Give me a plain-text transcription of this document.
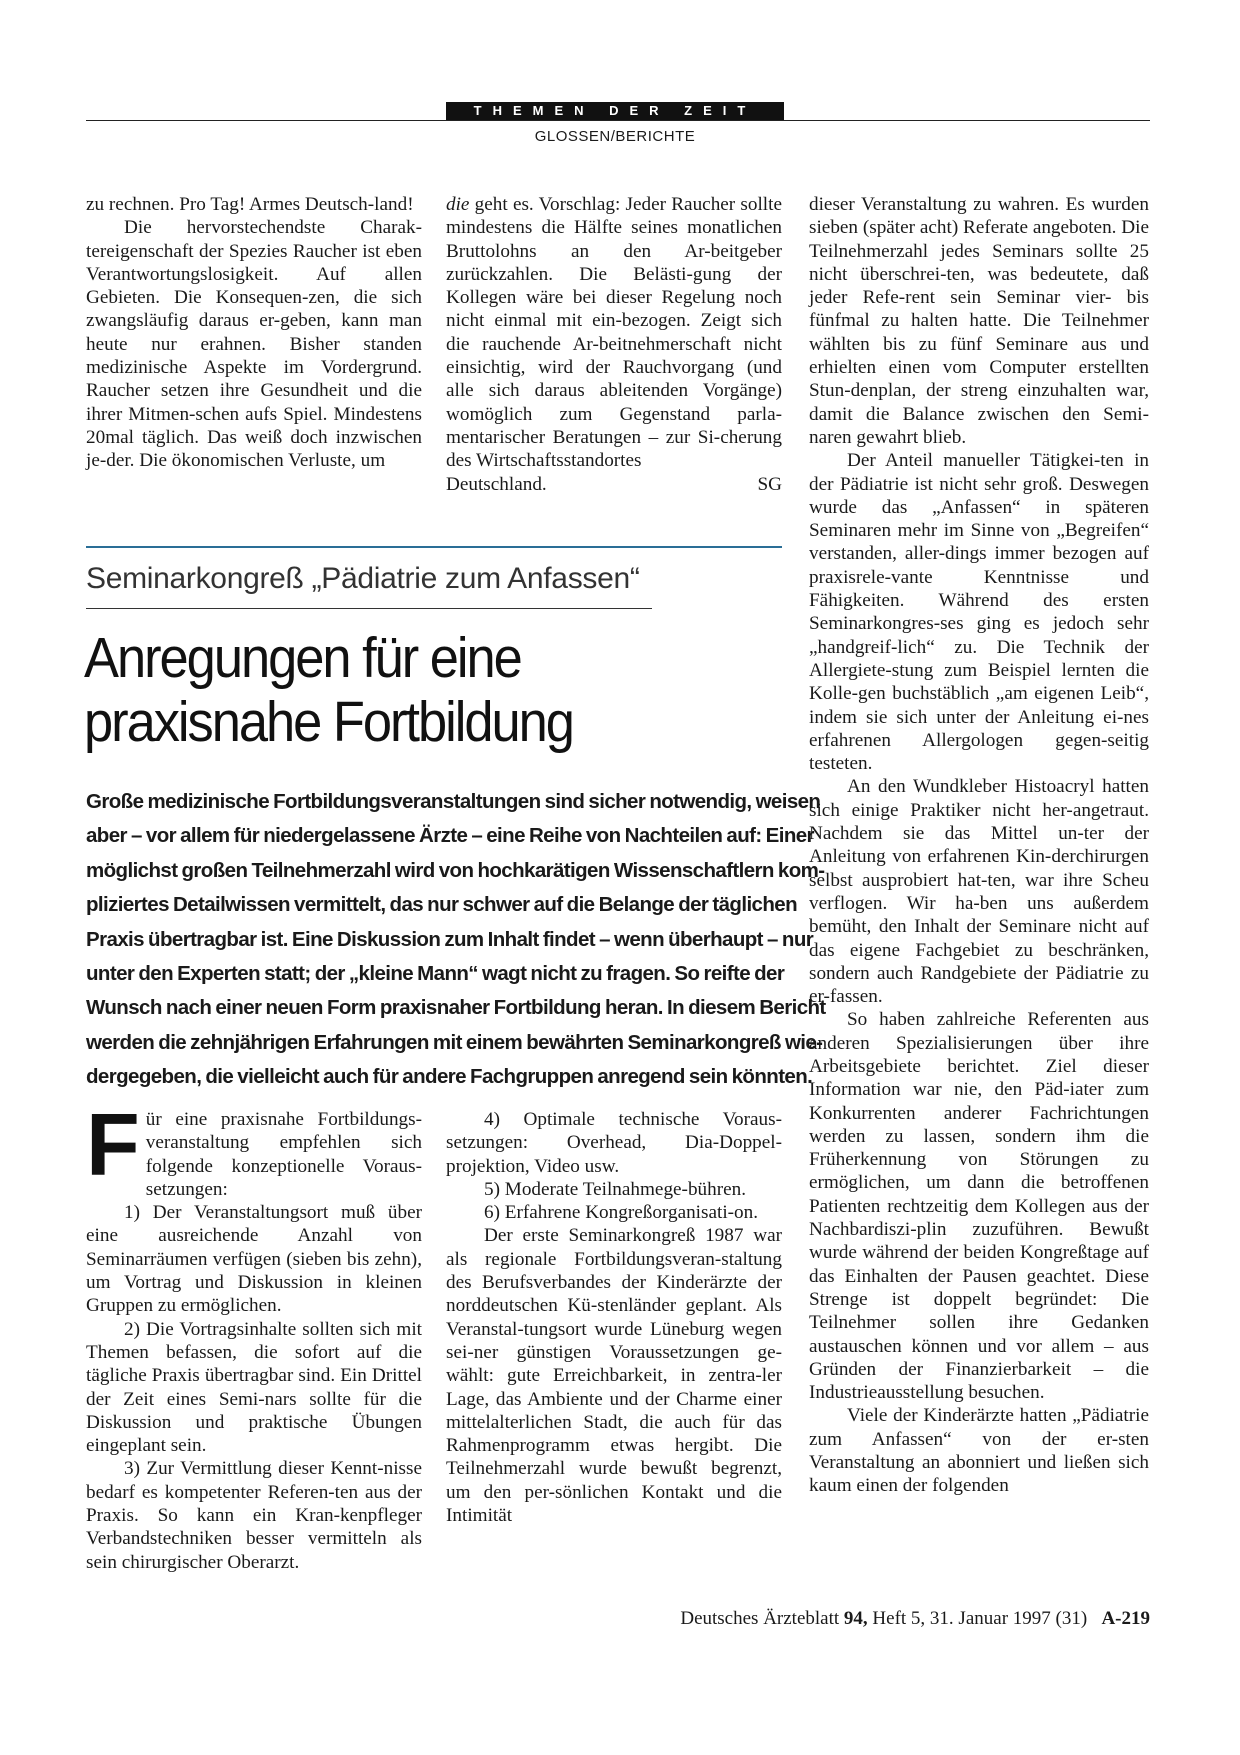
THEMEN DER ZEIT
GLOSSEN/BERICHTE

zu rechnen. Pro Tag! Armes Deutsch-land!

Die hervorstechendste Charak-tereigenschaft der Spezies Raucher ist eben Verantwortungslosigkeit. Auf allen Gebieten. Die Konsequen-zen, die sich zwangsläufig daraus er-geben, kann man heute nur erahnen. Bisher standen medizinische Aspekte im Vordergrund. Raucher setzen ihre Gesundheit und die ihrer Mitmen-schen aufs Spiel. Mindestens 20mal täglich. Das weiß doch inzwischen je-der. Die ökonomischen Verluste, um

die geht es. Vorschlag: Jeder Raucher sollte mindestens die Hälfte seines monatlichen Bruttolohns an den Ar-beitgeber zurückzahlen. Die Belästi-gung der Kollegen wäre bei dieser Regelung noch nicht einmal mit ein-bezogen. Zeigt sich die rauchende Ar-beitnehmerschaft nicht einsichtig, wird der Rauchvorgang (und alle sich daraus ableitenden Vorgänge) womöglich zum Gegenstand parla-mentarischer Beratungen – zur Si-cherung des Wirtschaftsstandortes

Deutschland.	SG
Seminarkongreß „Pädiatrie zum Anfassen“
Anregungen für eine
praxisnahe Fortbildung
Große medizinische Fortbildungsveranstaltungen sind sicher notwendig, weisen
aber – vor allem für niedergelassene Ärzte – eine Reihe von Nachteilen auf: Einer
möglichst großen Teilnehmerzahl wird von hochkarätigen Wissenschaftlern kom-
pliziertes Detailwissen vermittelt, das nur schwer auf die Belange der täglichen
Praxis übertragbar ist. Eine Diskussion zum Inhalt findet – wenn überhaupt – nur
unter den Experten statt; der „kleine Mann“ wagt nicht zu fragen. So reifte der
Wunsch nach einer neuen Form praxisnaher Fortbildung heran. In diesem Bericht
werden die zehnjährigen Erfahrungen mit einem bewährten Seminarkongreß wie-
dergegeben, die vielleicht auch für andere Fachgruppen anregend sein könnten.

Für eine praxisnahe Fortbildungs-veranstaltung empfehlen sich folgende konzeptionelle Voraus-setzungen:

1) Der Veranstaltungsort muß über eine ausreichende Anzahl von Seminarräumen verfügen (sieben bis zehn), um Vortrag und Diskussion in kleinen Gruppen zu ermöglichen.

2) Die Vortragsinhalte sollten sich mit Themen befassen, die sofort auf die tägliche Praxis übertragbar sind. Ein Drittel der Zeit eines Semi-nars sollte für die Diskussion und praktische Übungen eingeplant sein.

3) Zur Vermittlung dieser Kennt-nisse bedarf es kompetenter Referen-ten aus der Praxis. So kann ein Kran-kenpfleger Verbandstechniken besser vermitteln als sein chirurgischer Oberarzt.

4) Optimale technische Voraus-setzungen: Overhead, Dia-Doppel-projektion, Video usw.

5) Moderate Teilnahmege-bühren.

6) Erfahrene Kongreßorganisati-on.

Der erste Seminarkongreß 1987 war als regionale Fortbildungsveran-staltung des Berufsverbandes der Kinderärzte der norddeutschen Kü-stenländer geplant. Als Veranstal-tungsort wurde Lüneburg wegen sei-ner günstigen Voraussetzungen ge-wählt: gute Erreichbarkeit, in zentra-ler Lage, das Ambiente und der Charme einer mittelalterlichen Stadt, die auch für das Rahmenprogramm etwas hergibt. Die Teilnehmerzahl wurde bewußt begrenzt, um den per-sönlichen Kontakt und die Intimität

dieser Veranstaltung zu wahren. Es wurden sieben (später acht) Referate angeboten. Die Teilnehmerzahl jedes Seminars sollte 25 nicht überschrei-ten, was bedeutete, daß jeder Refe-rent sein Seminar vier- bis fünfmal zu halten hatte. Die Teilnehmer wählten bis zu fünf Seminare aus und erhielten einen vom Computer erstellten Stun-denplan, der streng einzuhalten war, damit die Balance zwischen den Semi-naren gewahrt blieb.

Der Anteil manueller Tätigkei-ten in der Pädiatrie ist nicht sehr groß. Deswegen wurde das „Anfassen“ in späteren Seminaren mehr im Sinne von „Begreifen“ verstanden, aller-dings immer bezogen auf praxisrele-vante Kenntnisse und Fähigkeiten. Während des ersten Seminarkongres-ses ging es jedoch sehr „handgreif-lich“ zu. Die Technik der Allergiete-stung zum Beispiel lernten die Kolle-gen buchstäblich „am eigenen Leib“, indem sie sich unter der Anleitung ei-nes erfahrenen Allergologen gegen-seitig testeten.

An den Wundkleber Histoacryl hatten sich einige Praktiker nicht her-angetraut. Nachdem sie das Mittel un-ter der Anleitung von erfahrenen Kin-derchirurgen selbst ausprobiert hat-ten, war ihre Scheu verflogen. Wir ha-ben uns außerdem bemüht, den Inhalt der Seminare nicht auf das eigene Fachgebiet zu beschränken, sondern auch Randgebiete der Pädiatrie zu er-fassen.

So haben zahlreiche Referenten aus anderen Spezialisierungen über ihre Arbeitsgebiete berichtet. Ziel dieser Information war nie, den Päd-iater zum Konkurrenten anderer Fachrichtungen werden zu lassen, sondern ihm die Früherkennung von Störungen zu ermöglichen, um dann die betroffenen Patienten rechtzeitig dem Kollegen aus der Nachbardiszi-plin zuzuführen. Bewußt wurde während der beiden Kongreßtage auf das Einhalten der Pausen geachtet. Diese Strenge ist doppelt begründet: Die Teilnehmer sollen ihre Gedanken austauschen können und vor allem – aus Gründen der Finanzierbarkeit – die Industrieausstellung besuchen.

Viele der Kinderärzte hatten „Pädiatrie zum Anfassen“ von der er-sten Veranstaltung an abonniert und ließen sich kaum einen der folgenden

Deutsches Ärzteblatt 94, Heft 5, 31. Januar 1997 (31) A-219
